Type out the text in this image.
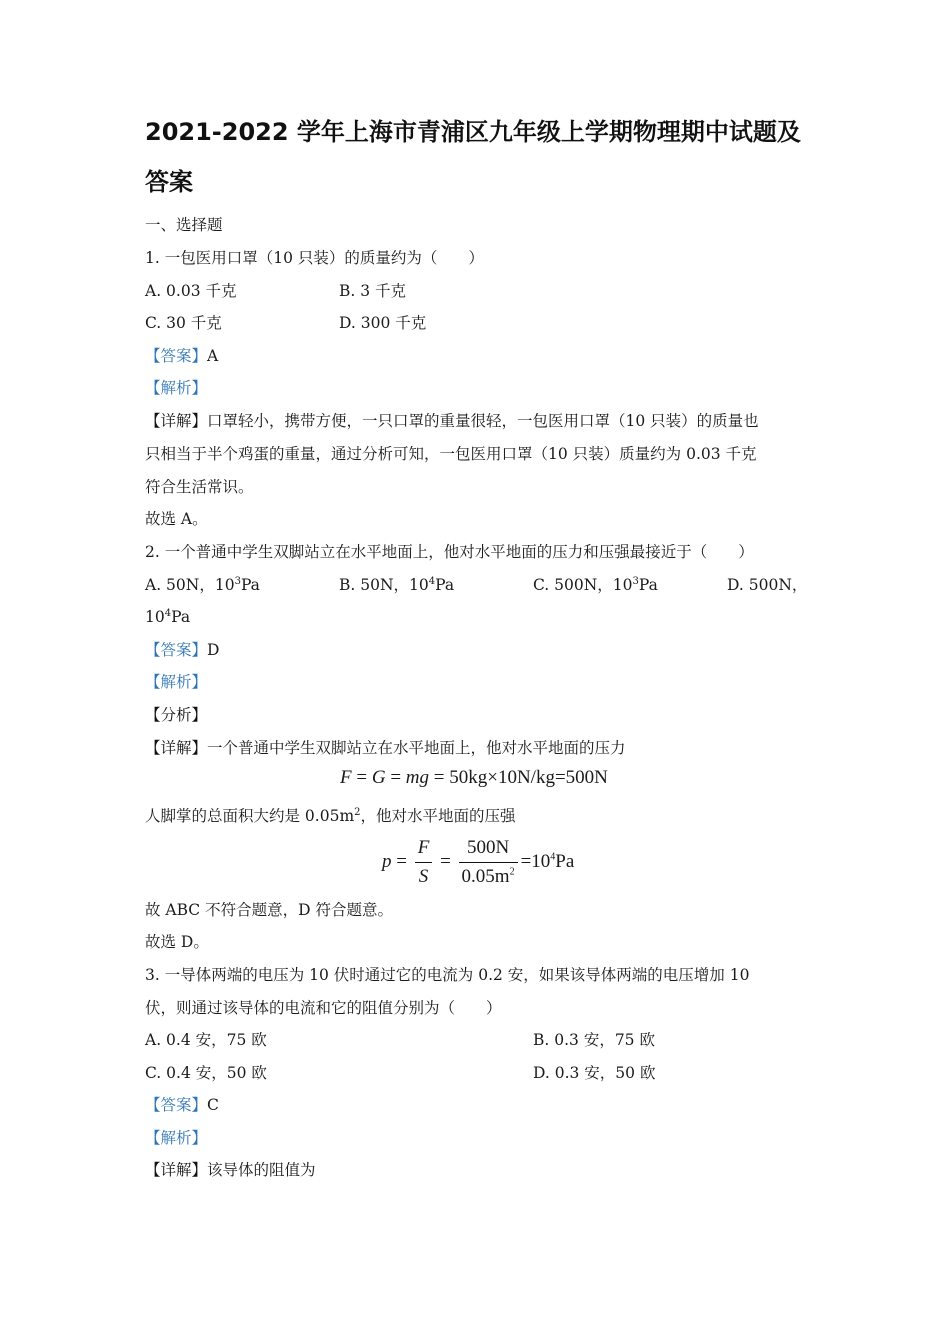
2021-2022 学年上海市青浦区九年级上学期物理期中试题及
答案
一、选择题
1. 一包医用口罩（10 只装）的质量约为（　　）
A. 0.03 千克	B. 3 千克
C. 30 千克	D. 300 千克
【答案】A
【解析】
【详解】口罩轻小，携带方便，一只口罩的重量很轻，一包医用口罩（10 只装）的质量也
只相当于半个鸡蛋的重量，通过分析可知，一包医用口罩（10 只装）质量约为 0.03 千克
符合生活常识。
故选 A。
2. 一个普通中学生双脚站立在水平地面上，他对水平地面的压力和压强最接近于（　　）
A. 50N，$10^3Pa$	B. 50N，$10^4Pa$	C. 500N，$10^3Pa$	D. 500N，
$10^4Pa$
【答案】D
【解析】
【分析】
【详解】一个普通中学生双脚站立在水平地面上，他对水平地面的压力
F = G = mg = 50kg×10N/kg=500N
人脚掌的总面积大约是 $0.05m^2$，他对水平地面的压强
$p = \frac{F}{S} = \frac{500N}{0.05m^2} =10^4Pa$
故 ABC 不符合题意，D 符合题意。
故选 D。
3. 一导体两端的电压为 10 伏时通过它的电流为 0.2 安，如果该导体两端的电压增加 10
伏，则通过该导体的电流和它的阻值分别为（　　）
A. 0.4 安，75 欧	B. 0.3 安，75 欧
C. 0.4 安，50 欧	D. 0.3 安，50 欧
【答案】C
【解析】
【详解】该导体的阻值为
